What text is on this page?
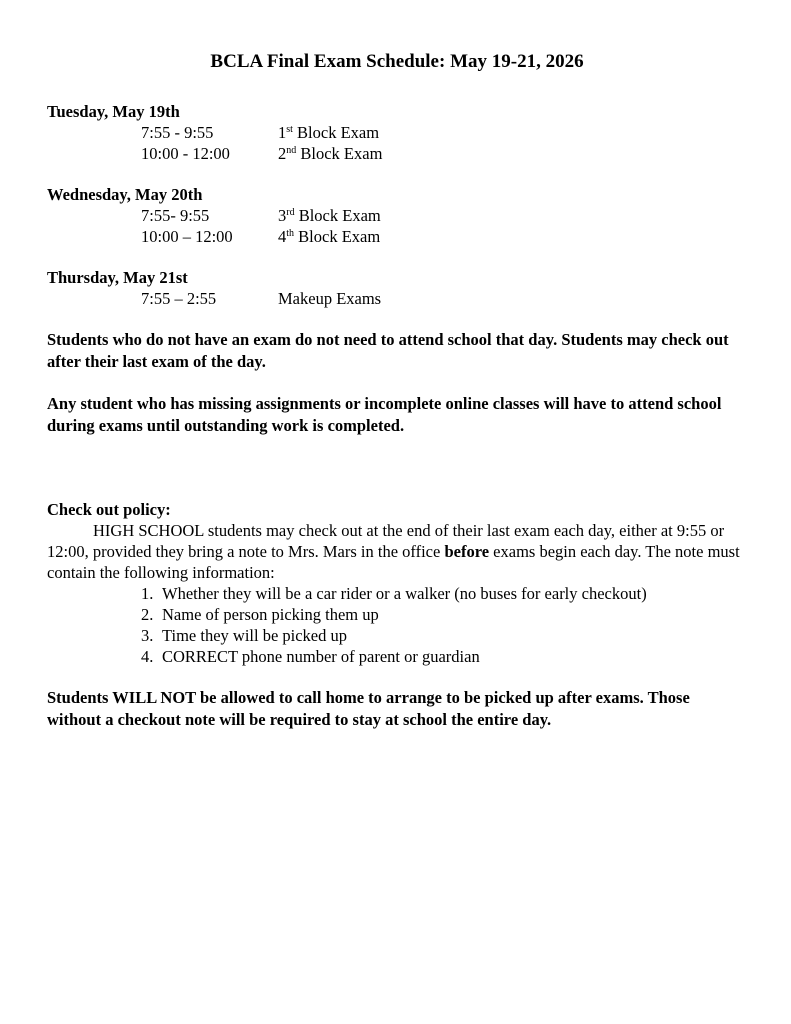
BCLA Final Exam Schedule: May 19-21, 2026

Tuesday, May 19th

7:55 - 9:55	1st Block Exam
10:00 - 12:00	2nd Block Exam

Wednesday, May 20th

7:55- 9:55	3rd Block Exam
10:00 – 12:00	4th Block Exam

Thursday, May 21st

7:55 – 2:55	Makeup Exams

Students who do not have an exam do not need to attend school that day. Students may check out after their last exam of the day.

Any student who has missing assignments or incomplete online classes will have to attend school during exams until outstanding work is completed.

Check out policy:

HIGH SCHOOL students may check out at the end of their last exam each day, either at 9:55 or 12:00, provided they bring a note to Mrs. Mars in the office before exams begin each day. The note must contain the following information:

1. Whether they will be a car rider or a walker (no buses for early checkout)
2. Name of person picking them up
3. Time they will be picked up
4. CORRECT phone number of parent or guardian

Students WILL NOT be allowed to call home to arrange to be picked up after exams. Those without a checkout note will be required to stay at school the entire day.
